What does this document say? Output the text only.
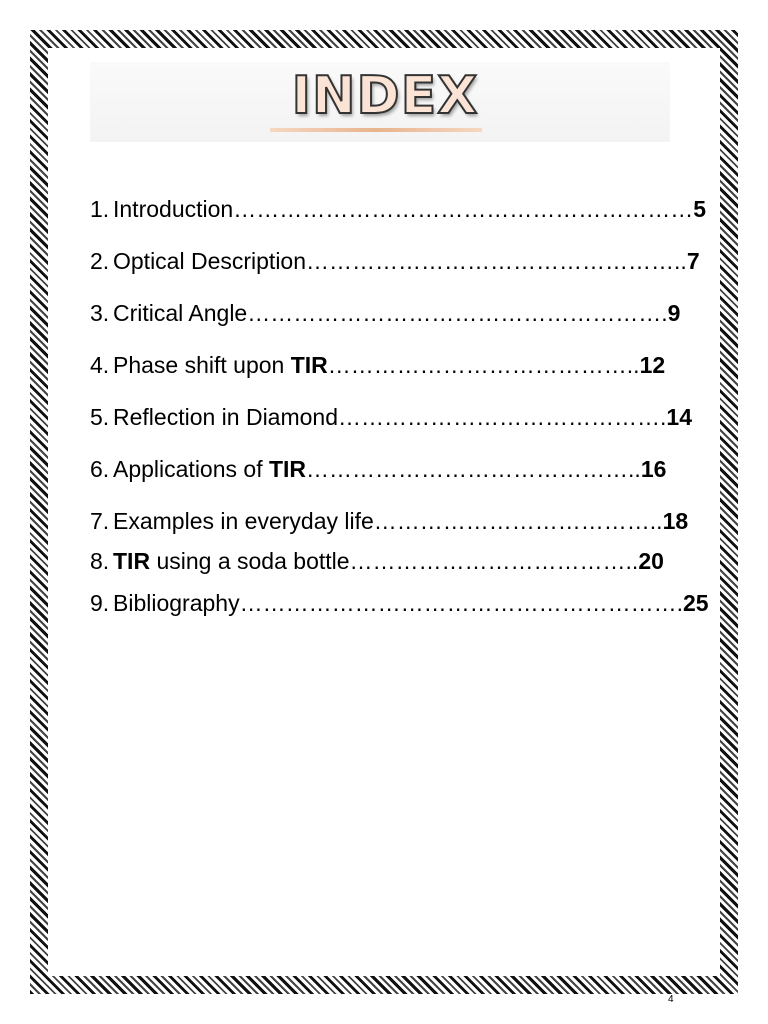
INDEX
1. Introduction …………………………………………………… 5
2. Optical Description ………………………………………….. 7
3. Critical Angle ………………………………………………. 9
4. Phase shift upon TIR ………………………………….. 12
5. Reflection in Diamond ……………………………………. 14
6. Applications of TIR …………………………………….. 16
7. Examples in everyday life ……………………………….. 18
8. TIR using a soda bottle ……………………………….. 20
9. Bibliography …………………………………………………. 25
4
